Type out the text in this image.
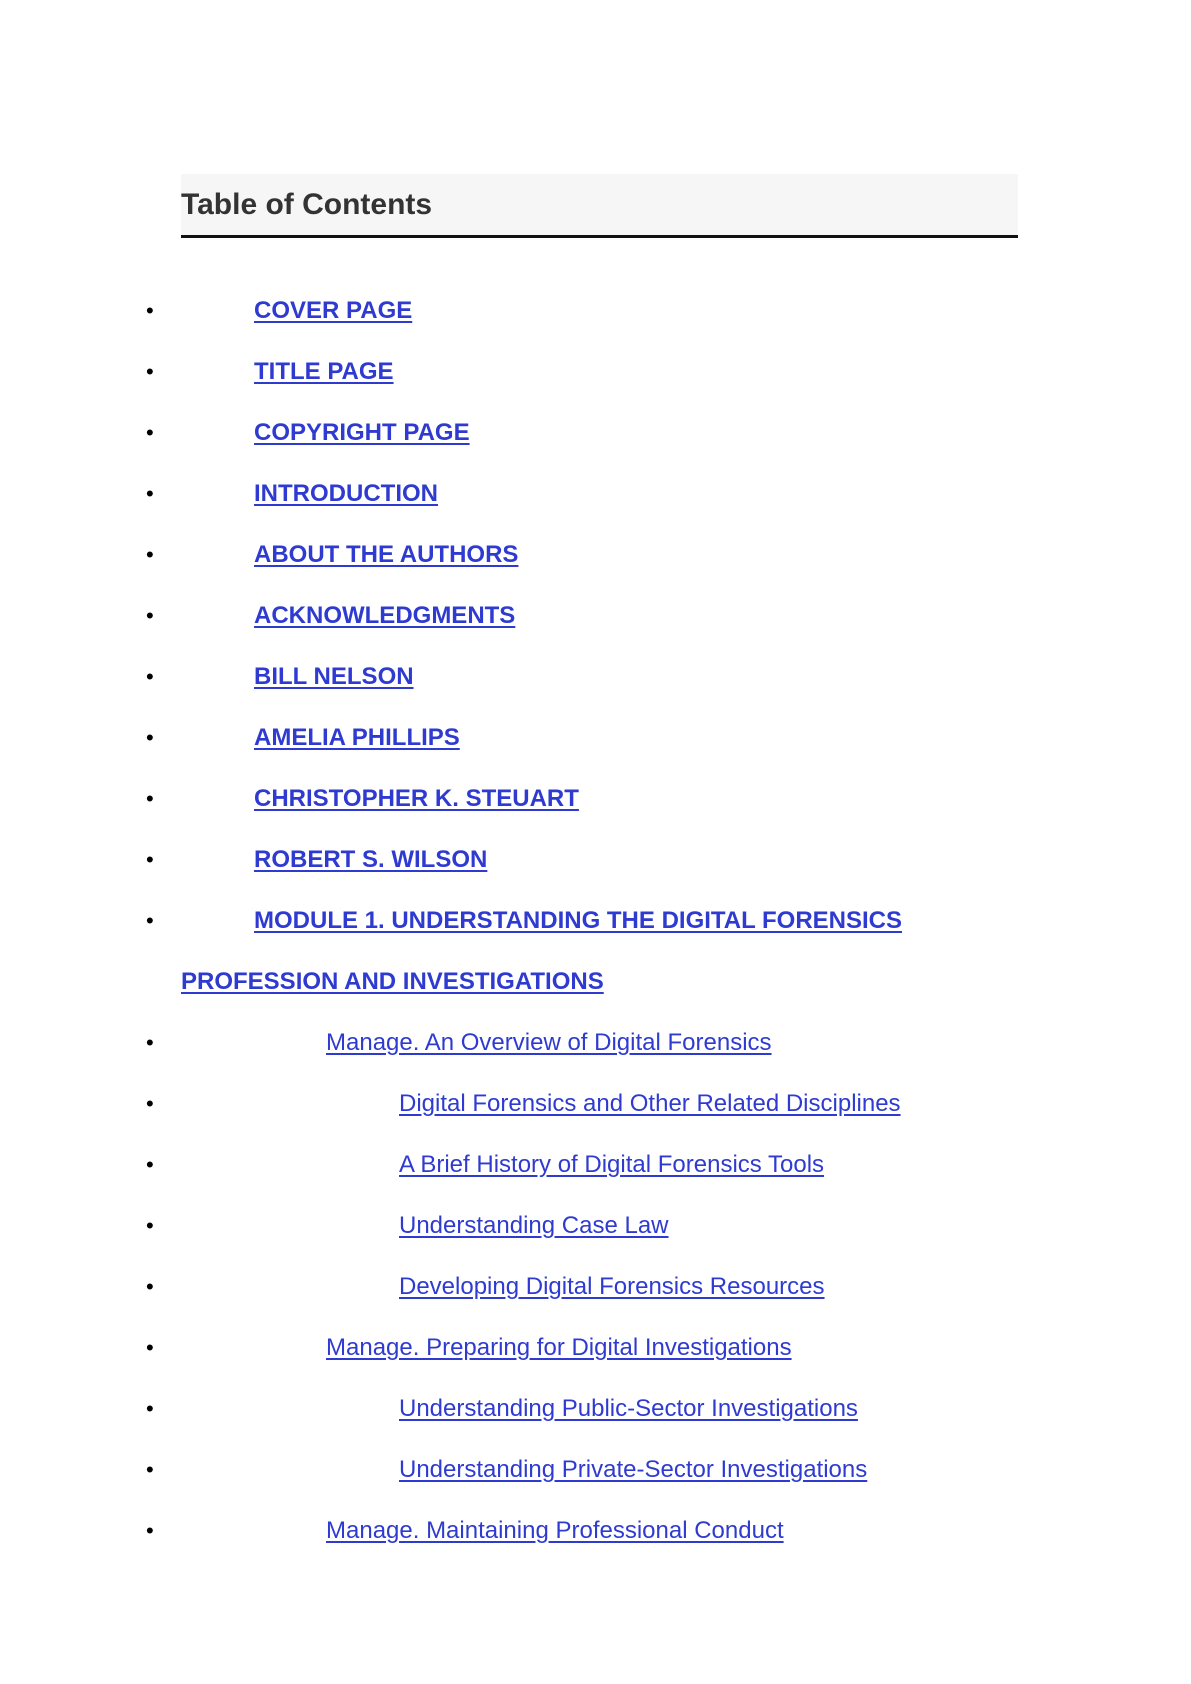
Table of Contents
•	COVER PAGE
•	TITLE PAGE
•	COPYRIGHT PAGE
•	INTRODUCTION
•	ABOUT THE AUTHORS
•	ACKNOWLEDGMENTS
•	BILL NELSON
•	AMELIA PHILLIPS
•	CHRISTOPHER K. STEUART
•	ROBERT S. WILSON
•	MODULE 1. UNDERSTANDING THE DIGITAL FORENSICS
•	Manage. An Overview of Digital Forensics
•	Digital Forensics and Other Related Disciplines
•	A Brief History of Digital Forensics Tools
•	Understanding Case Law
•	Developing Digital Forensics Resources
•	Manage. Preparing for Digital Investigations
•	Understanding Public-Sector Investigations
•	Understanding Private-Sector Investigations
•	Manage. Maintaining Professional Conduct
PROFESSION AND INVESTIGATIONS
